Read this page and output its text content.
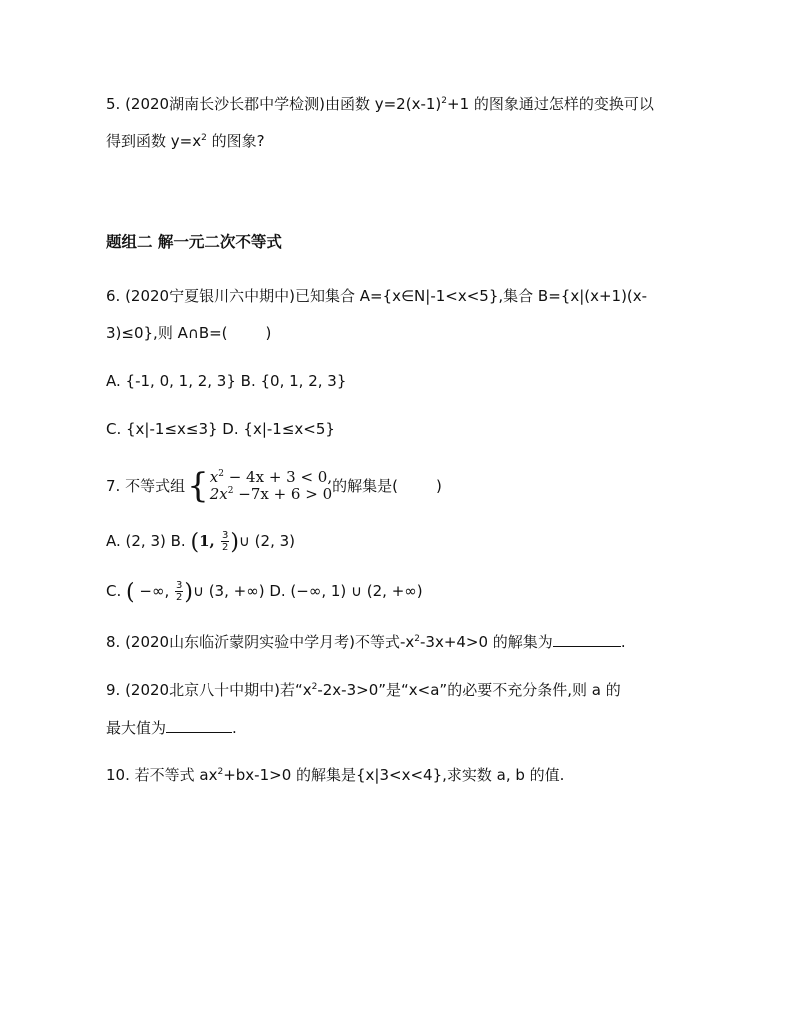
5. (2020湖南长沙长郡中学检测)由函数 $y=2(x-1)^2+1$ 的图象通过怎样的变换可以
得到函数 $y=x^2$ 的图象?
题组二 解一元二次不等式
6. (2020宁夏银川六中期中)已知集合 A={x∈N|-1<x<5},集合 B={x|(x+1)(x-
3)≤0},则 A∩B=(	)
A. {-1, 0, 1, 2, 3} B. {0, 1, 2, 3}
C. {x|-1≤x≤3} D. {x|-1≤x<5}
7. 不等式组 { $x^2 - 4x + 3 < 0$,
$2x^2 -7x + 6 > 0$ 的解集是(	)
A. (2, 3) B. (1, $\frac{3}{2}$ )∪ (2, 3)
C. ( −∞, $\frac{3}{2}$ )∪ (3, +∞) D. (−∞, 1) ∪ (2, +∞)
8. (2020山东临沂蒙阴实验中学月考)不等式$-x^2-3x+4>0$ 的解集为	.
9. (2020北京八十中期中)若“$x^2-2x-3>0$”是“x<a”的必要不充分条件,则 a 的
最大值为	.
10. 若不等式 $ax^2+bx-1>0$ 的解集是{x|3<x<4},求实数 a, b 的值.
